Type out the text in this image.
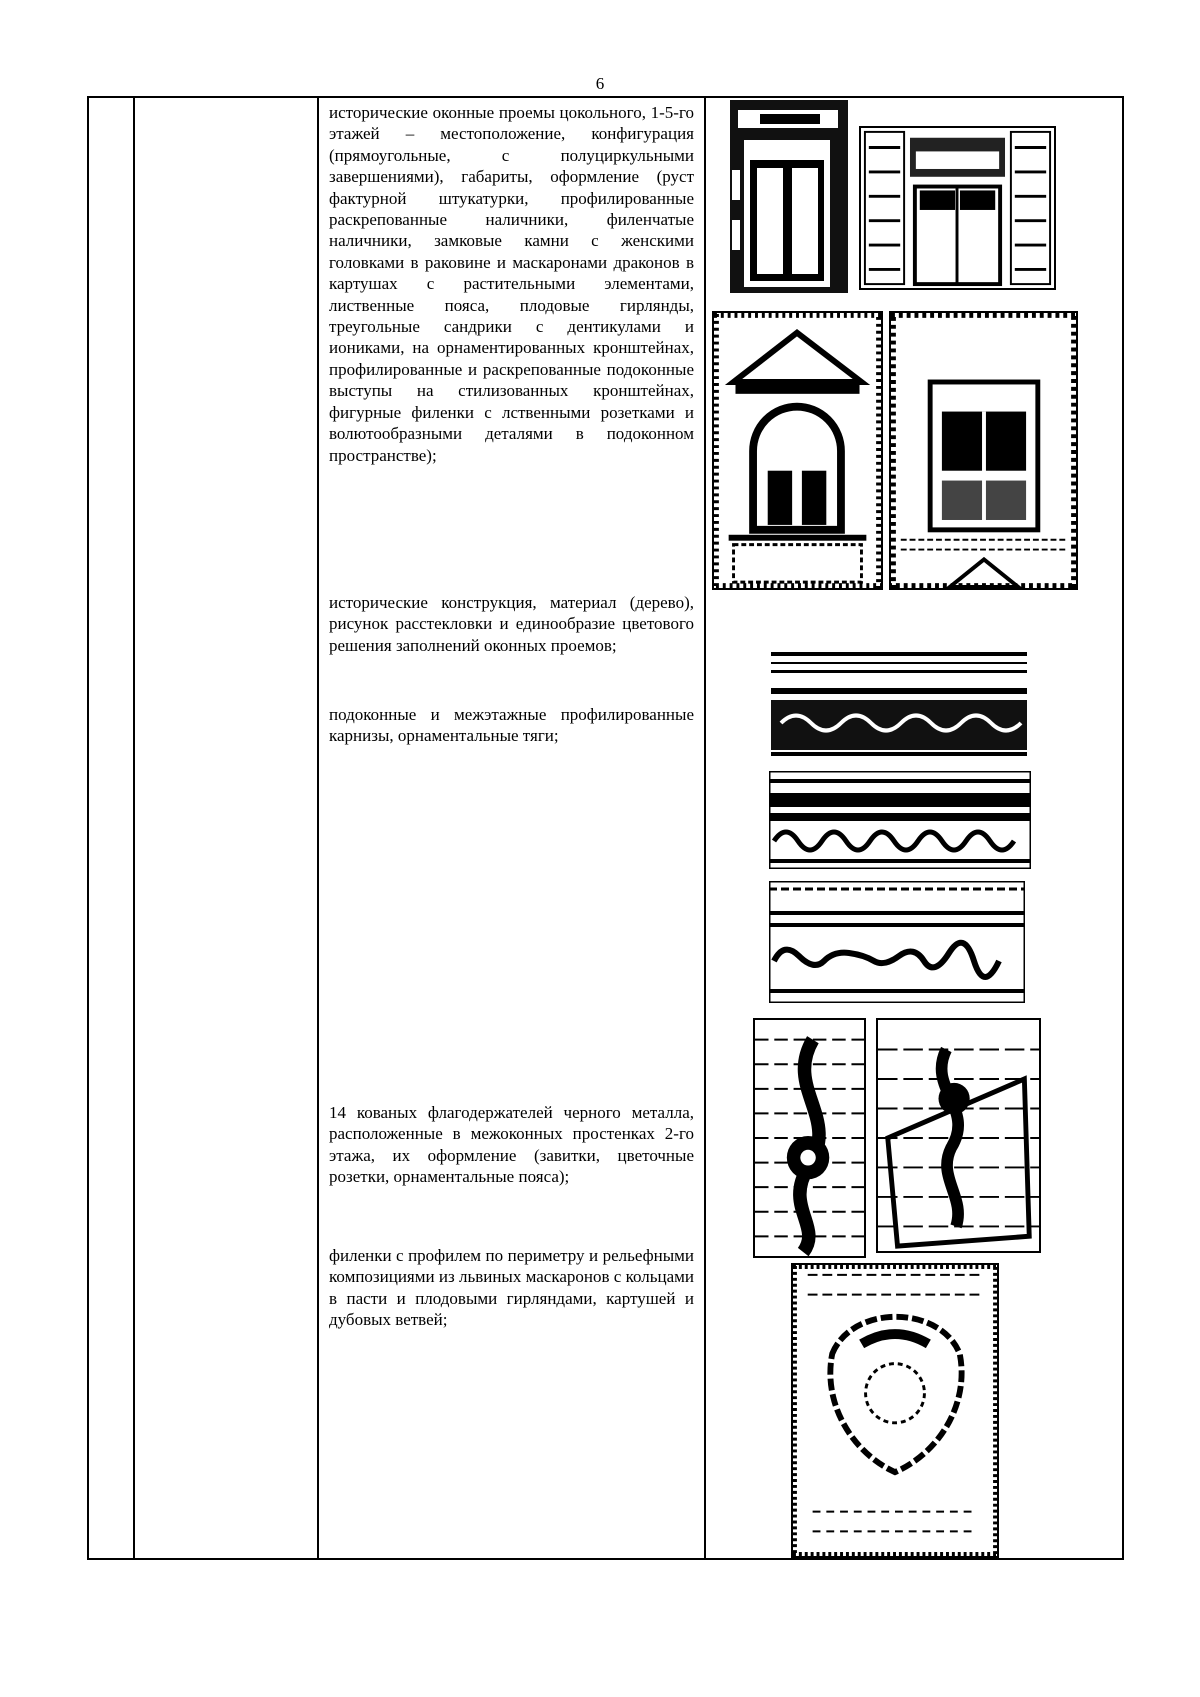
6

исторические оконные проемы цокольного, 1-5-го этажей – местоположение, конфигурация (прямоугольные, с полуциркульными завершениями), габариты, оформление (руст фактурной штукатурки, профилированные раскрепованные наличники, филенчатые наличники, замковые камни с женскими головками в раковине и маскаронами драконов в картушах с растительными элементами, лиственные пояса, плодовые гирлянды, треугольные сандрики с дентикулами и иониками, на орнаментированных кронштейнах, профилированные и раскрепованные подоконные выступы на стилизованных кронштейнах, фигурные филенки с лственными розетками и волютообразными деталями в подоконном пространстве);

исторические конструкция, материал (дерево), рисунок расстекловки и единообразие цветового решения заполнений оконных проемов;

подоконные и межэтажные профилированные карнизы, орнаментальные тяги;

14 кованых флагодержателей черного металла, расположенные в межоконных простенках 2-го этажа, их оформление (завитки, цветочные розетки, орнаментальные пояса);

филенки с профилем по периметру и рельефными композициями из львиных маскаронов с кольцами в пасти и плодовыми гирляндами, картушей и дубовых ветвей;
